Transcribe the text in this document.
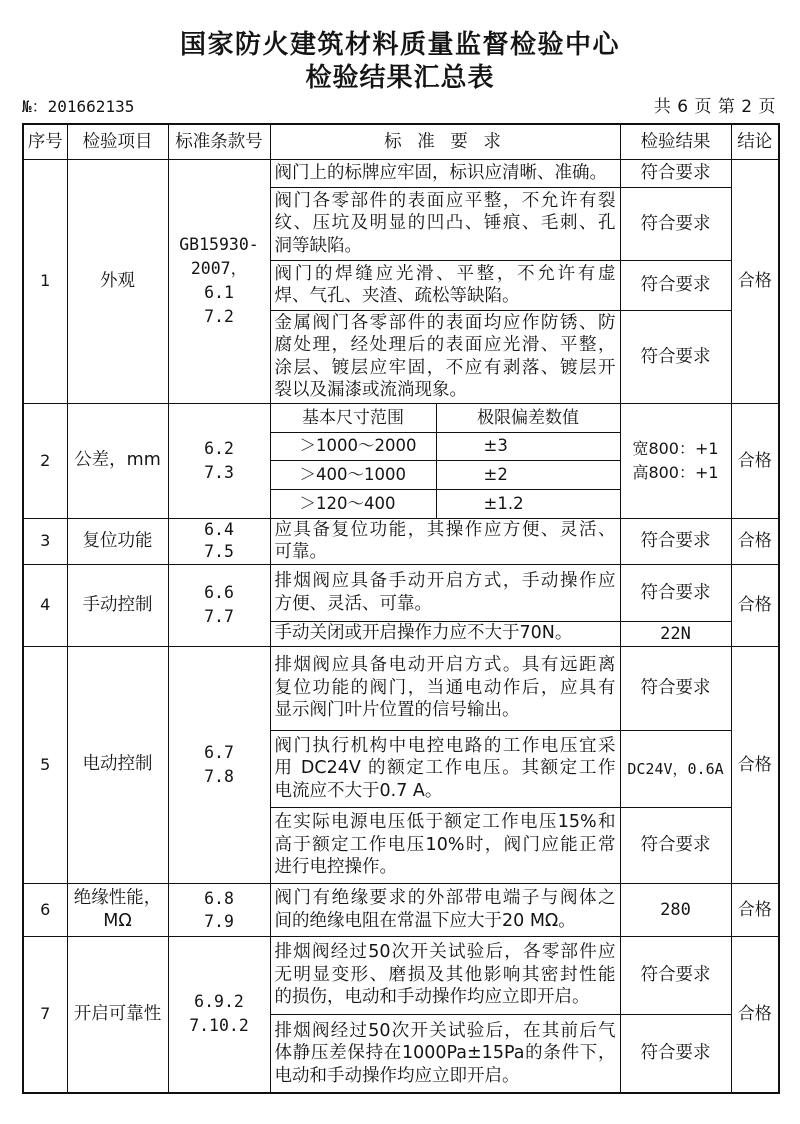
国家防火建筑材料质量监督检验中心
检验结果汇总表
№：201662135	共 6 页 第 2 页
序号	检验项目	标准条款号	标 准 要 求		检验结果	结论
1	外观	GB15930-
2007，
6.1
7.2	阀门上的标牌应牢固，标识应清晰、准确。		符合要求	合格

			阀门各零部件的表面应平整，不允许有裂
纹、压坑及明显的凹凸、锤痕、毛刺、孔
洞等缺陷。		符合要求	

			阀门的焊缝应光滑、平整，不允许有虚
焊、气孔、夹渣、疏松等缺陷。		符合要求	

			金属阀门各零部件的表面均应作防锈、防
腐处理，经处理后的表面应光滑、平整，
涂层、镀层应牢固，不应有剥落、镀层开
裂以及漏漆或流淌现象。		符合要求	
2	公差，mm	6.2
7.3	基本尺寸范围	极限偏差数值	宽800：+1
高800：+1	合格
			＞1000～2000	±3		
			＞400～1000	±2		
			＞120～400	±1.2		
3	复位功能	6.4
7.5	应具备复位功能，其操作应方便、灵活、
可靠。		符合要求	合格
4	手动控制	6.6
7.7	排烟阀应具备手动开启方式，手动操作应
方便、灵活、可靠。		符合要求	合格

			手动关闭或开启操作力应不大于70N。		22N	
5	电动控制	6.7
7.8	排烟阀应具备电动开启方式。具有远距离
复位功能的阀门，当通电动作后，应具有
显示阀门叶片位置的信号输出。		符合要求	合格

			阀门执行机构中电控电路的工作电压宜采
用 DC24V 的额定工作电压。其额定工作
电流应不大于0.7 A。		DC24V，0.6A	

			在实际电源电压低于额定工作电压15%和
高于额定工作电压10%时，阀门应能正常
进行电控操作。		符合要求	
6	绝缘性能，
MΩ	6.8
7.9	阀门有绝缘要求的外部带电端子与阀体之
间的绝缘电阻在常温下应大于20 MΩ。		280	合格
7	开启可靠性	6.9.2
7.10.2	排烟阀经过50次开关试验后，各零部件应
无明显变形、磨损及其他影响其密封性能
的损伤，电动和手动操作均应立即开启。		符合要求	合格

			排烟阀经过50次开关试验后，在其前后气
体静压差保持在1000Pa±15Pa的条件下，
电动和手动操作均应立即开启。		符合要求	
